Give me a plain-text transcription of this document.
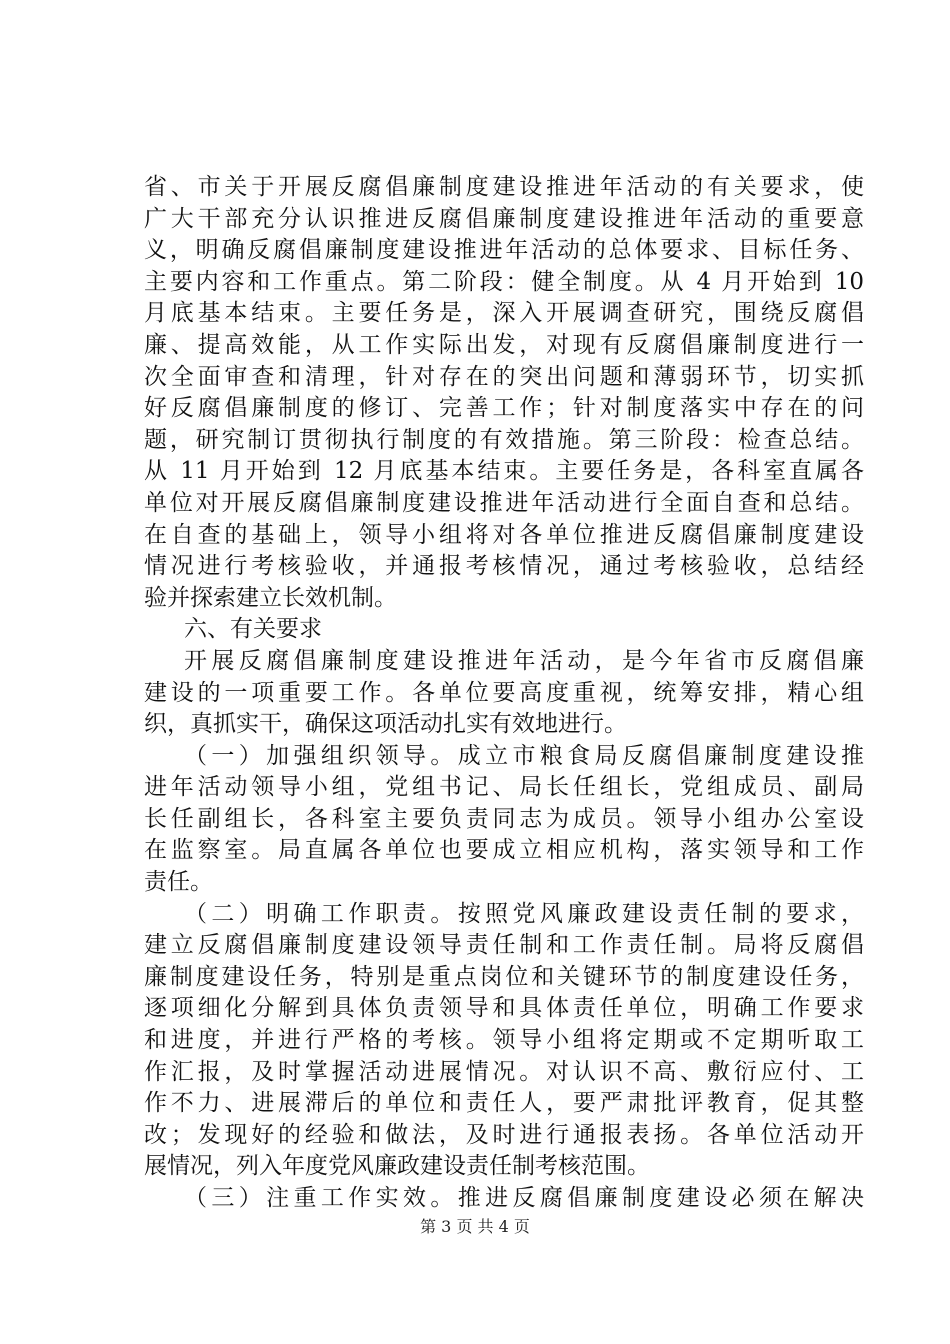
省、市关于开展反腐倡廉制度建设推进年活动的有关要求，使
广大干部充分认识推进反腐倡廉制度建设推进年活动的重要意
义，明确反腐倡廉制度建设推进年活动的总体要求、目标任务、
主要内容和工作重点。第二阶段：健全制度。从 4 月开始到 10
月底基本结束。主要任务是，深入开展调查研究，围绕反腐倡
廉、提高效能，从工作实际出发，对现有反腐倡廉制度进行一
次全面审查和清理，针对存在的突出问题和薄弱环节，切实抓
好反腐倡廉制度的修订、完善工作；针对制度落实中存在的问
题，研究制订贯彻执行制度的有效措施。第三阶段：检查总结。
从 11 月开始到 12 月底基本结束。主要任务是，各科室直属各
单位对开展反腐倡廉制度建设推进年活动进行全面自查和总结。
在自查的基础上，领导小组将对各单位推进反腐倡廉制度建设
情况进行考核验收，并通报考核情况，通过考核验收，总结经
验并探索建立长效机制。
六、有关要求
开展反腐倡廉制度建设推进年活动，是今年省市反腐倡廉
建设的一项重要工作。各单位要高度重视，统筹安排，精心组
织，真抓实干，确保这项活动扎实有效地进行。
（一）加强组织领导。成立市粮食局反腐倡廉制度建设推
进年活动领导小组，党组书记、局长任组长，党组成员、副局
长任副组长，各科室主要负责同志为成员。领导小组办公室设
在监察室。局直属各单位也要成立相应机构，落实领导和工作
责任。
（二）明确工作职责。按照党风廉政建设责任制的要求，
建立反腐倡廉制度建设领导责任制和工作责任制。局将反腐倡
廉制度建设任务，特别是重点岗位和关键环节的制度建设任务，
逐项细化分解到具体负责领导和具体责任单位，明确工作要求
和进度，并进行严格的考核。领导小组将定期或不定期听取工
作汇报，及时掌握活动进展情况。对认识不高、敷衍应付、工
作不力、进展滞后的单位和责任人，要严肃批评教育，促其整
改；发现好的经验和做法，及时进行通报表扬。各单位活动开
展情况，列入年度党风廉政建设责任制考核范围。
（三）注重工作实效。推进反腐倡廉制度建设必须在解决
第 3 页 共 4 页
